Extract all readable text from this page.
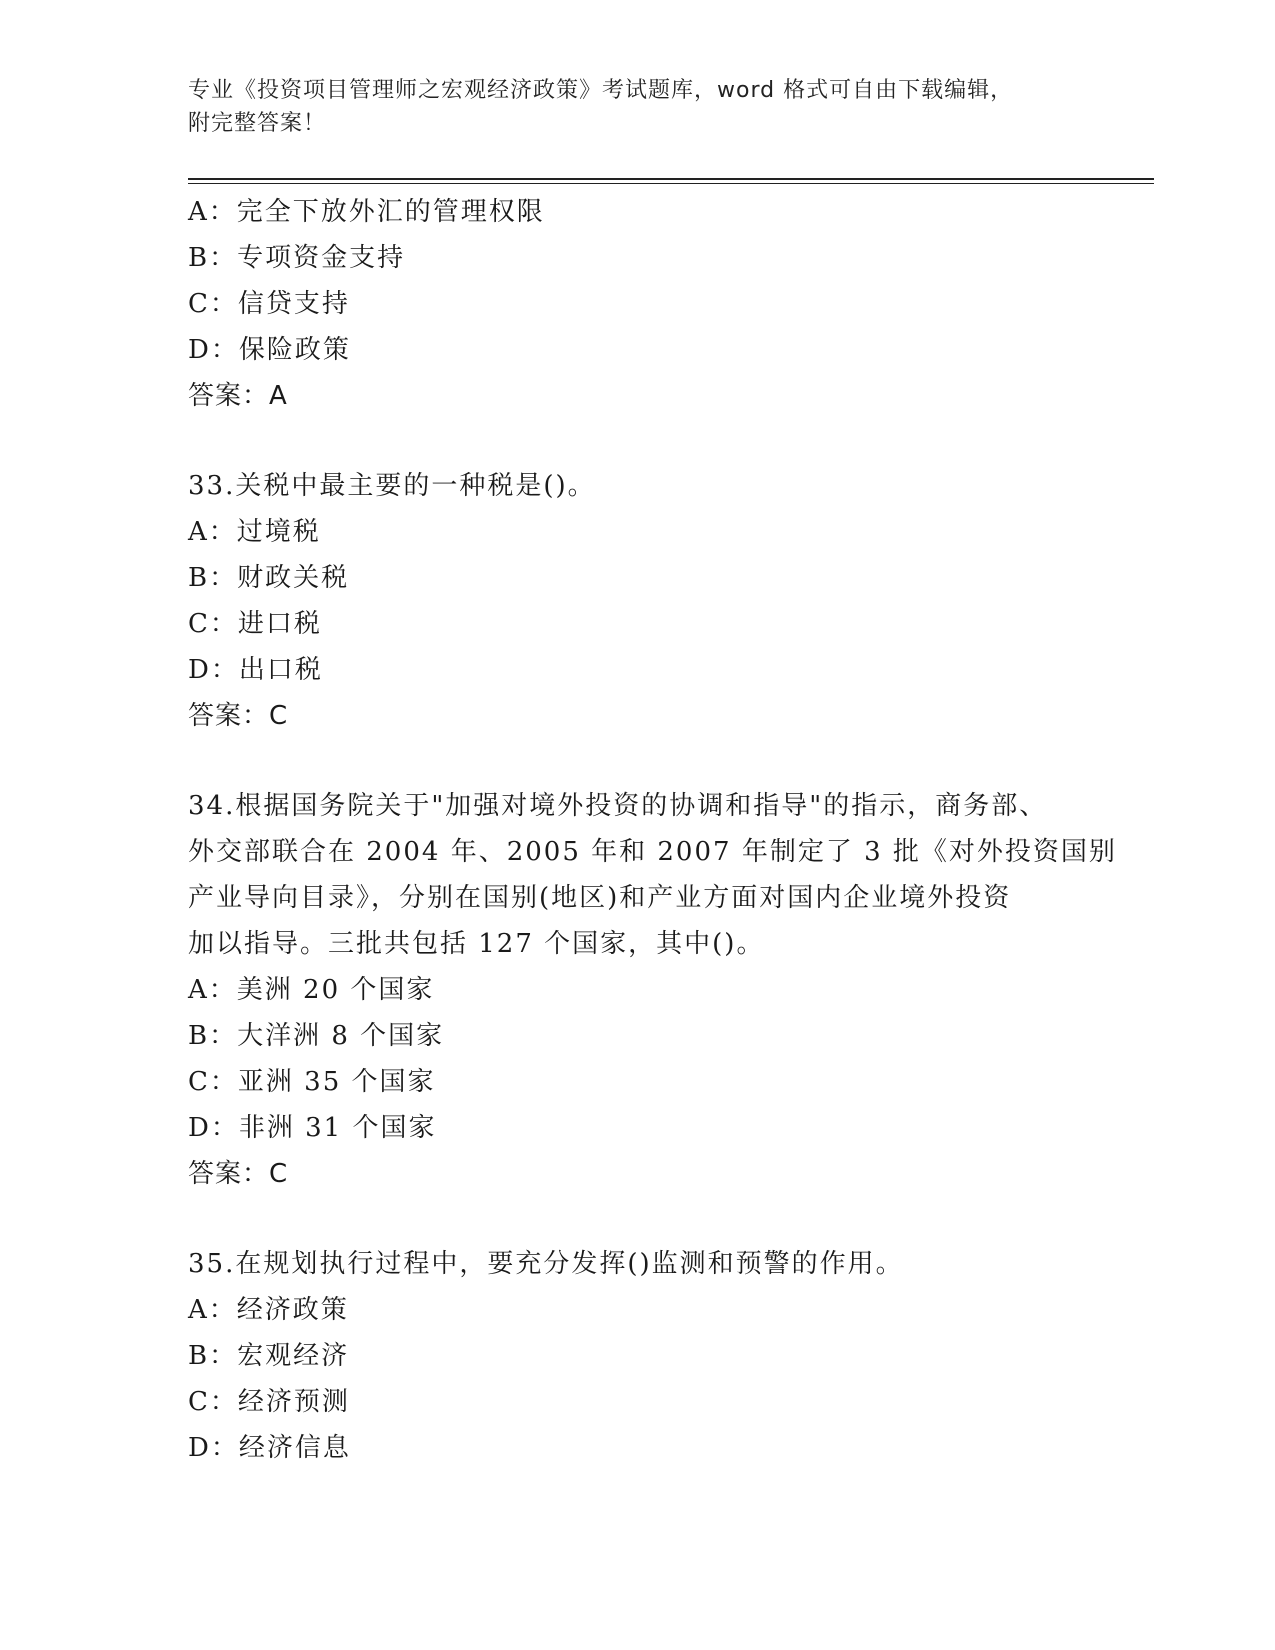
专业《投资项目管理师之宏观经济政策》考试题库，word 格式可自由下载编辑，
附完整答案！
A：完全下放外汇的管理权限
B：专项资金支持
C：信贷支持
D：保险政策
答案：A
33.关税中最主要的一种税是()。
A：过境税
B：财政关税
C：进口税
D：出口税
答案：C
34.根据国务院关于"加强对境外投资的协调和指导"的指示，商务部、
外交部联合在 2004 年、2005 年和 2007 年制定了 3 批《对外投资国别
产业导向目录》，分别在国别(地区)和产业方面对国内企业境外投资
加以指导。三批共包括 127 个国家，其中()。
A：美洲 20 个国家
B：大洋洲 8 个国家
C：亚洲 35 个国家
D：非洲 31 个国家
答案：C
35.在规划执行过程中，要充分发挥()监测和预警的作用。
A：经济政策
B：宏观经济
C：经济预测
D：经济信息
